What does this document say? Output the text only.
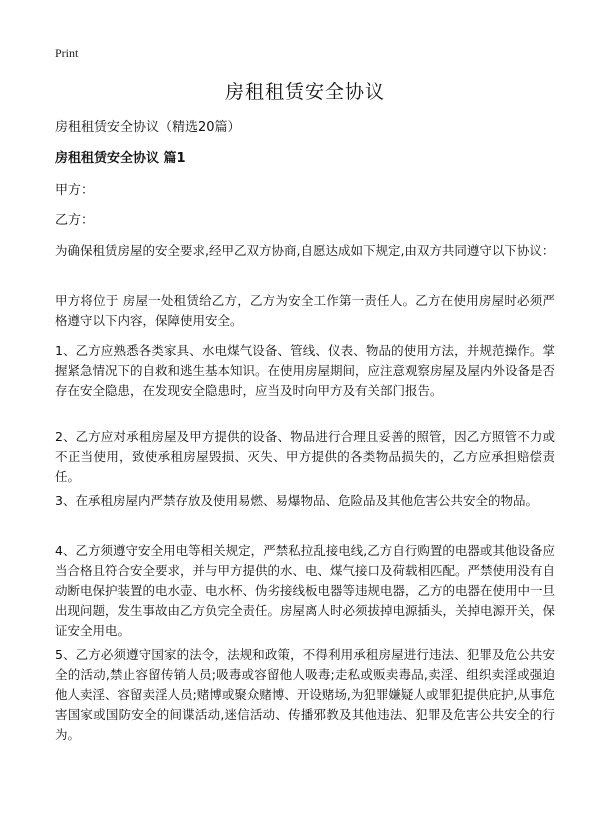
Print
房租租赁安全协议
房租租赁安全协议（精选20篇）
房租租赁安全协议 篇1
甲方：
乙方：

为确保租赁房屋的安全要求,经甲乙双方协商,自愿达成如下规定,由双方共同遵守以下协议：

甲方将位于 房屋一处租赁给乙方，乙方为安全工作第一责任人。乙方在使用房屋时必须严格遵守以下内容，保障使用安全。

1、乙方应熟悉各类家具、水电煤气设备、管线、仪表、物品的使用方法，并规范操作。掌握紧急情况下的自救和逃生基本知识。在使用房屋期间，应注意观察房屋及屋内外设备是否存在安全隐患，在发现安全隐患时，应当及时向甲方及有关部门报告。

2、乙方应对承租房屋及甲方提供的设备、物品进行合理且妥善的照管，因乙方照管不力或不正当使用，致使承租房屋毁损、灭失、甲方提供的各类物品损失的，乙方应承担赔偿责任。

3、在承租房屋内严禁存放及使用易燃、易爆物品、危险品及其他危害公共安全的物品。

4、乙方须遵守安全用电等相关规定，严禁私拉乱接电线,乙方自行购置的电器或其他设备应当合格且符合安全要求，并与甲方提供的水、电、煤气接口及荷载相匹配。严禁使用没有自动断电保护装置的电水壶、电水杯、伪劣接线板电器等违规电器，乙方的电器在使用中一旦出现问题，发生事故由乙方负完全责任。房屋离人时必须拔掉电源插头，关掉电源开关，保证安全用电。

5、乙方必须遵守国家的法令，法规和政策，不得利用承租房屋进行违法、犯罪及危公共安全的活动,禁止容留传销人员;吸毒或容留他人吸毒;走私或贩卖毒品,卖淫、组织卖淫或强迫他人卖淫、容留卖淫人员;赌博或聚众赌博、开设赌场,为犯罪嫌疑人或罪犯提供庇护,从事危害国家或国防安全的间谍活动,迷信活动、传播邪教及其他违法、犯罪及危害公共安全的行为。
